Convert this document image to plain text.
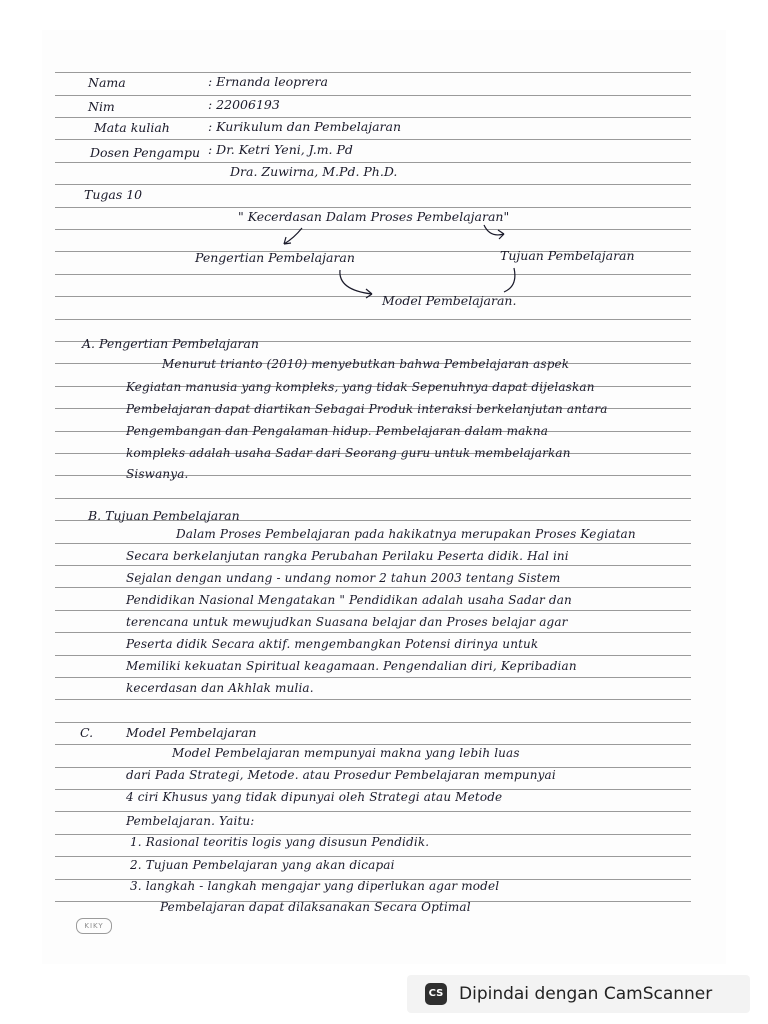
Nama	: Ernanda leoprera
Nim	: 22006193
Mata kuliah	: Kurikulum dan Pembelajaran
Dosen Pengampu : Dr. Ketri Yeni, J.m. Pd
Dra. Zuwirna, M.Pd. Ph.D.
Tugas 10
" Kecerdasan Dalam Proses Pembelajaran"
Pengertian Pembelajaran	Tujuan Pembelajaran
Model Pembelajaran.
A. Pengertian Pembelajaran
Menurut trianto (2010) menyebutkan bahwa Pembelajaran aspek
Kegiatan manusia yang kompleks, yang tidak Sepenuhnya dapat dijelaskan
Pembelajaran dapat diartikan Sebagai Produk interaksi berkelanjutan antara
Pengembangan dan Pengalaman hidup. Pembelajaran dalam makna
kompleks adalah usaha Sadar dari Seorang guru untuk membelajarkan
Siswanya.
B. Tujuan Pembelajaran
Dalam Proses Pembelajaran pada hakikatnya merupakan Proses Kegiatan
Secara berkelanjutan rangka Perubahan Perilaku Peserta didik. Hal ini
Sejalan dengan undang - undang nomor 2 tahun 2003 tentang Sistem
Pendidikan Nasional Mengatakan " Pendidikan adalah usaha Sadar dan
terencana untuk mewujudkan Suasana belajar dan Proses belajar agar
Peserta didik Secara aktif. mengembangkan Potensi dirinya untuk
Memiliki kekuatan Spiritual keagamaan. Pengendalian diri, Kepribadian
kecerdasan dan Akhlak mulia.
C.	Model Pembelajaran
Model Pembelajaran mempunyai makna yang lebih luas
dari Pada Strategi, Metode. atau Prosedur Pembelajaran mempunyai
4 ciri Khusus yang tidak dipunyai oleh Strategi atau Metode
Pembelajaran. Yaitu:
1. Rasional teoritis logis yang disusun Pendidik.
2. Tujuan Pembelajaran yang akan dicapai
3. langkah - langkah mengajar yang diperlukan agar model
Pembelajaran dapat dilaksanakan Secara Optimal
KIKY
CS Dipindai dengan CamScanner
